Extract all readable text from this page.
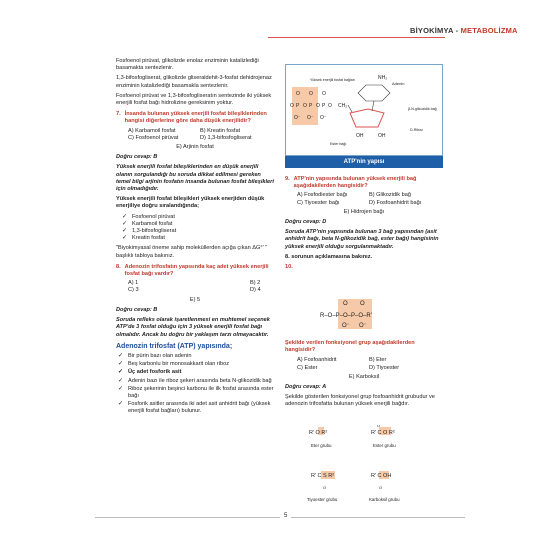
BİYOKİMYA - METABOLİZMA

Fosfoenol pirüvat, glikolizde enolaz enziminin katalizlediği basamakta sentezlenir.

1,3-bifosfogliserat, glikolizde gliseraldehit-3-fosfat dehidrojenaz enziminin katalizlediği basamakla sentezlenir.

Fosfoenol pirüvat ve 1,3-bifosfogliseratın sentezinde iki yüksek enerjili fosfat bağı hidrolizine gereksinim yoktur.

7. İnsanda bulunan yüksek enerjili fosfat bileşiklerinden hangisi diğerlerine göre daha düşük enerjilidir?
A) Karbamoil fosfat	B) Kreatin fosfat
C) Fosfoenol pirüvat	D) 1,3-bifosfogliserat
E) Arjinin fosfat
Doğru cevap: B

Yüksek enerjili fosfat bileşiklerinden en düşük enerjili olanın sorgulandığı bu soruda dikkat edilmesi gereken temel bilgi arjinin fosfatın insanda bulunan fosfat bileşikleri için olmadığıdır.

Yüksek enerjili fosfat bileşikleri yüksek enerjiden düşük enerjiliye doğru sıralandığında;

✓ Fosfoenol pirüvat
✓ Karbamoil fosfat
✓ 1,3-bifosfogliserat
✓ Kreatin fosfat

"Biyokimyasal öneme sahip moleküllerden açığa çıkan ΔG°' " başlıklı tabloya bakınız.

8. Adenozin trifosfatın yapısında kaç adet yüksek enerjili fosfat bağı vardır?
A) 1	B) 2
C) 3	D) 4
E) 5
Doğru cevap: B

Soruda refleks olarak işaretlenmesi en muhtemel seçenek ATP'de 3 fosfat olduğu için 3 yüksek enerjili fosfat bağı olmalıdır. Ancak bu doğru bir yaklaşım tarzı olmayacaktır.

Adenozin trifosfat (ATP) yapısında;
✓ Bir pürin bazı olan adenin
✓ Beş karbonlu bir monosakkarit olan riboz
✓ Üç adet fosforik asit
✓ Adenin bazı ile riboz şekeri arasında beta N-glikozidik bağ
✓ Riboz şekerinin beşinci karbonu ile ilk fosfat arasında ester bağı
✓ Fosforik asitler arasında iki adet asit anhidrit bağı (yüksek enerjili fosfat bağları) bulunur.
Yüksek enerjili fosfat bağları
O P O P O P O CH₂
O O O
O⁻ O⁻ O⁻
NH₂
Adenin
β-N-glikozidik bağ
D-Riboz
Ester bağı
OH	OH
ATP'nin yapısı
9. ATP'nin yapısında bulunan yüksek enerjili bağ aşağıdakilerden hangisidir?
A) Fosfodiester bağı	B) Glikozidik bağ
C) Tiyoester bağı	D) Fosfoanhidrit bağı
E) Hidrojen bağı
Doğru cevap: D

Soruda ATP'nin yapısında bulunan 3 bağ yapısından (asit anhidrit bağı, beta N-glikozidik bağ, ester bağı) hangisinin yüksek enerjili olduğu sorgulanmaktadır.

8. sorunun açıklamasına bakınız.

10.
R–O–P–O–P–O–R'
O O
O⁻ O⁻

Şekilde verilen fonksiyonel grup aşağıdakilerden hangisidir?

A) Fosfoanhidrit	B) Eter
C) Ester	D) Tiyoester
E) Karboksil
Doğru cevap: A

Şekilde gösterilen fonksiyonel grup fosfoanhidrit grubudur ve adenozin trifosfatta bulunan yüksek enerjili bağdır.

R' O R²
Eter grubu
R' C O R²
O
Ester grubu
R' C S R²
O
Tiyoester grubu
R' C OH
O
Karboksil grubu
5
